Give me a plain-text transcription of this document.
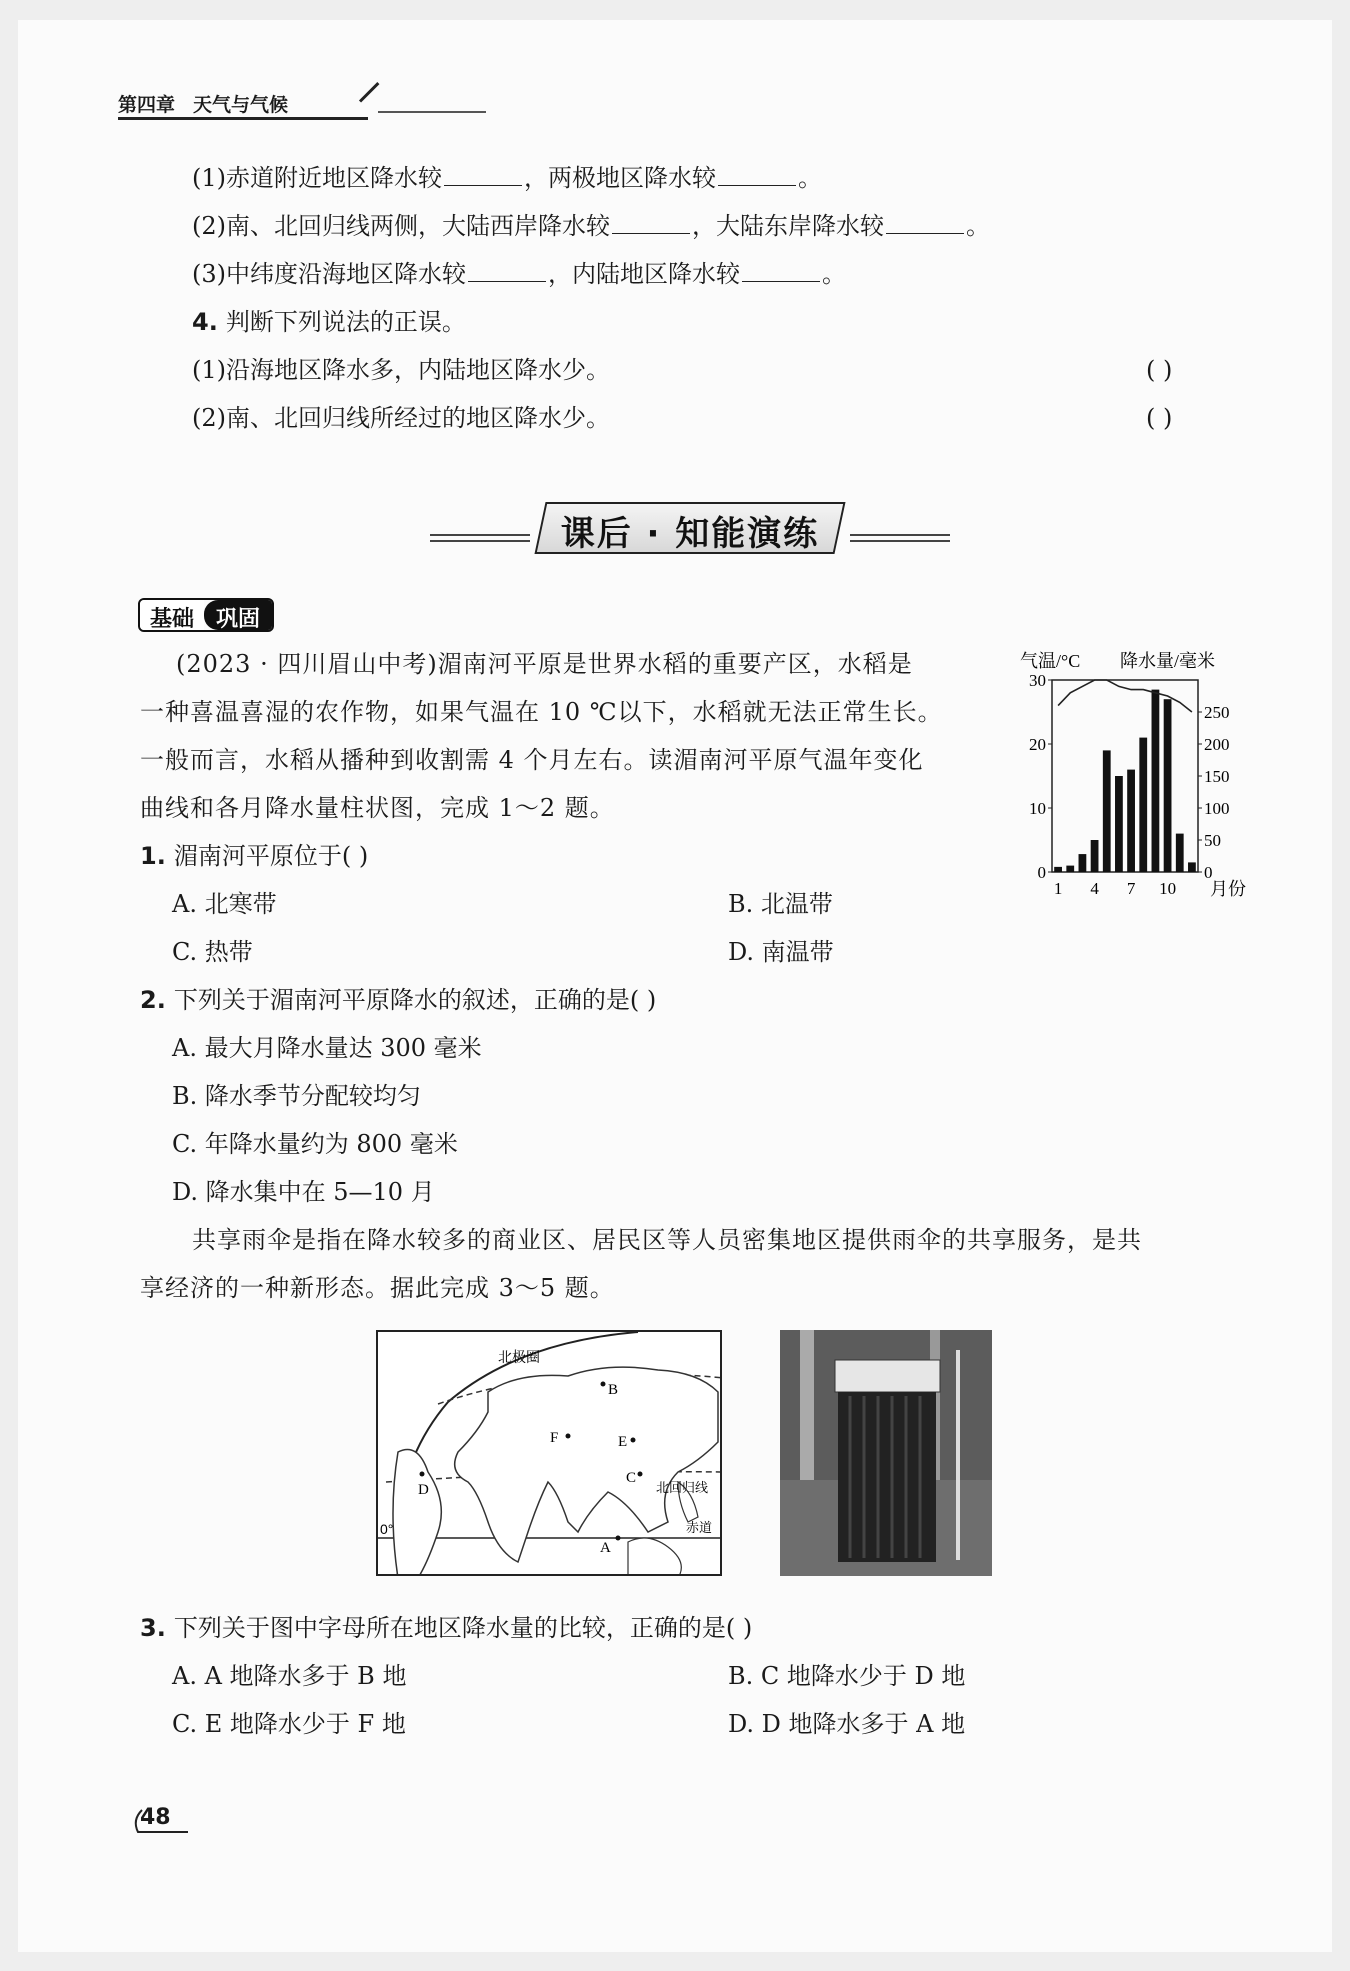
第四章 天气与气候
(1)赤道附近地区降水较	，两极地区降水较	。
(2)南、北回归线两侧，大陆西岸降水较	，大陆东岸降水较	。
(3)中纬度沿海地区降水较	，内陆地区降水较	。
4. 判断下列说法的正误。
(1)沿海地区降水多，内陆地区降水少。	( )
(2)南、北回归线所经过的地区降水少。	( )
课后 · 知能演练
基础	巩固
(2023 · 四川眉山中考)湄南河平原是世界水稻的重要产区，水稻是
一种喜温喜湿的农作物，如果气温在 10 ℃以下，水稻就无法正常生长。
一般而言，水稻从播种到收割需 4 个月左右。读湄南河平原气温年变化
曲线和各月降水量柱状图，完成 1～2 题。
气温/°C 降水量/毫米
月份
0
10
20
30
0
50
100
150
200
250
1 4 7 10
1. 湄南河平原位于( )
A. 北寒带	B. 北温带
C. 热带	D. 南温带
2. 下列关于湄南河平原降水的叙述，正确的是( )
A. 最大月降水量达 300 毫米
B. 降水季节分配较均匀
C. 年降水量约为 800 毫米
D. 降水集中在 5—10 月
共享雨伞是指在降水较多的商业区、居民区等人员密集地区提供雨伞的共享服务，是共
享经济的一种新形态。据此完成 3～5 题。
北极圈
北回归线
赤道
0°
B
F	E
C
D
A
3. 下列关于图中字母所在地区降水量的比较，正确的是( )
A. A 地降水多于 B 地	B. C 地降水少于 D 地
C. E 地降水少于 F 地	D. D 地降水多于 A 地
48
